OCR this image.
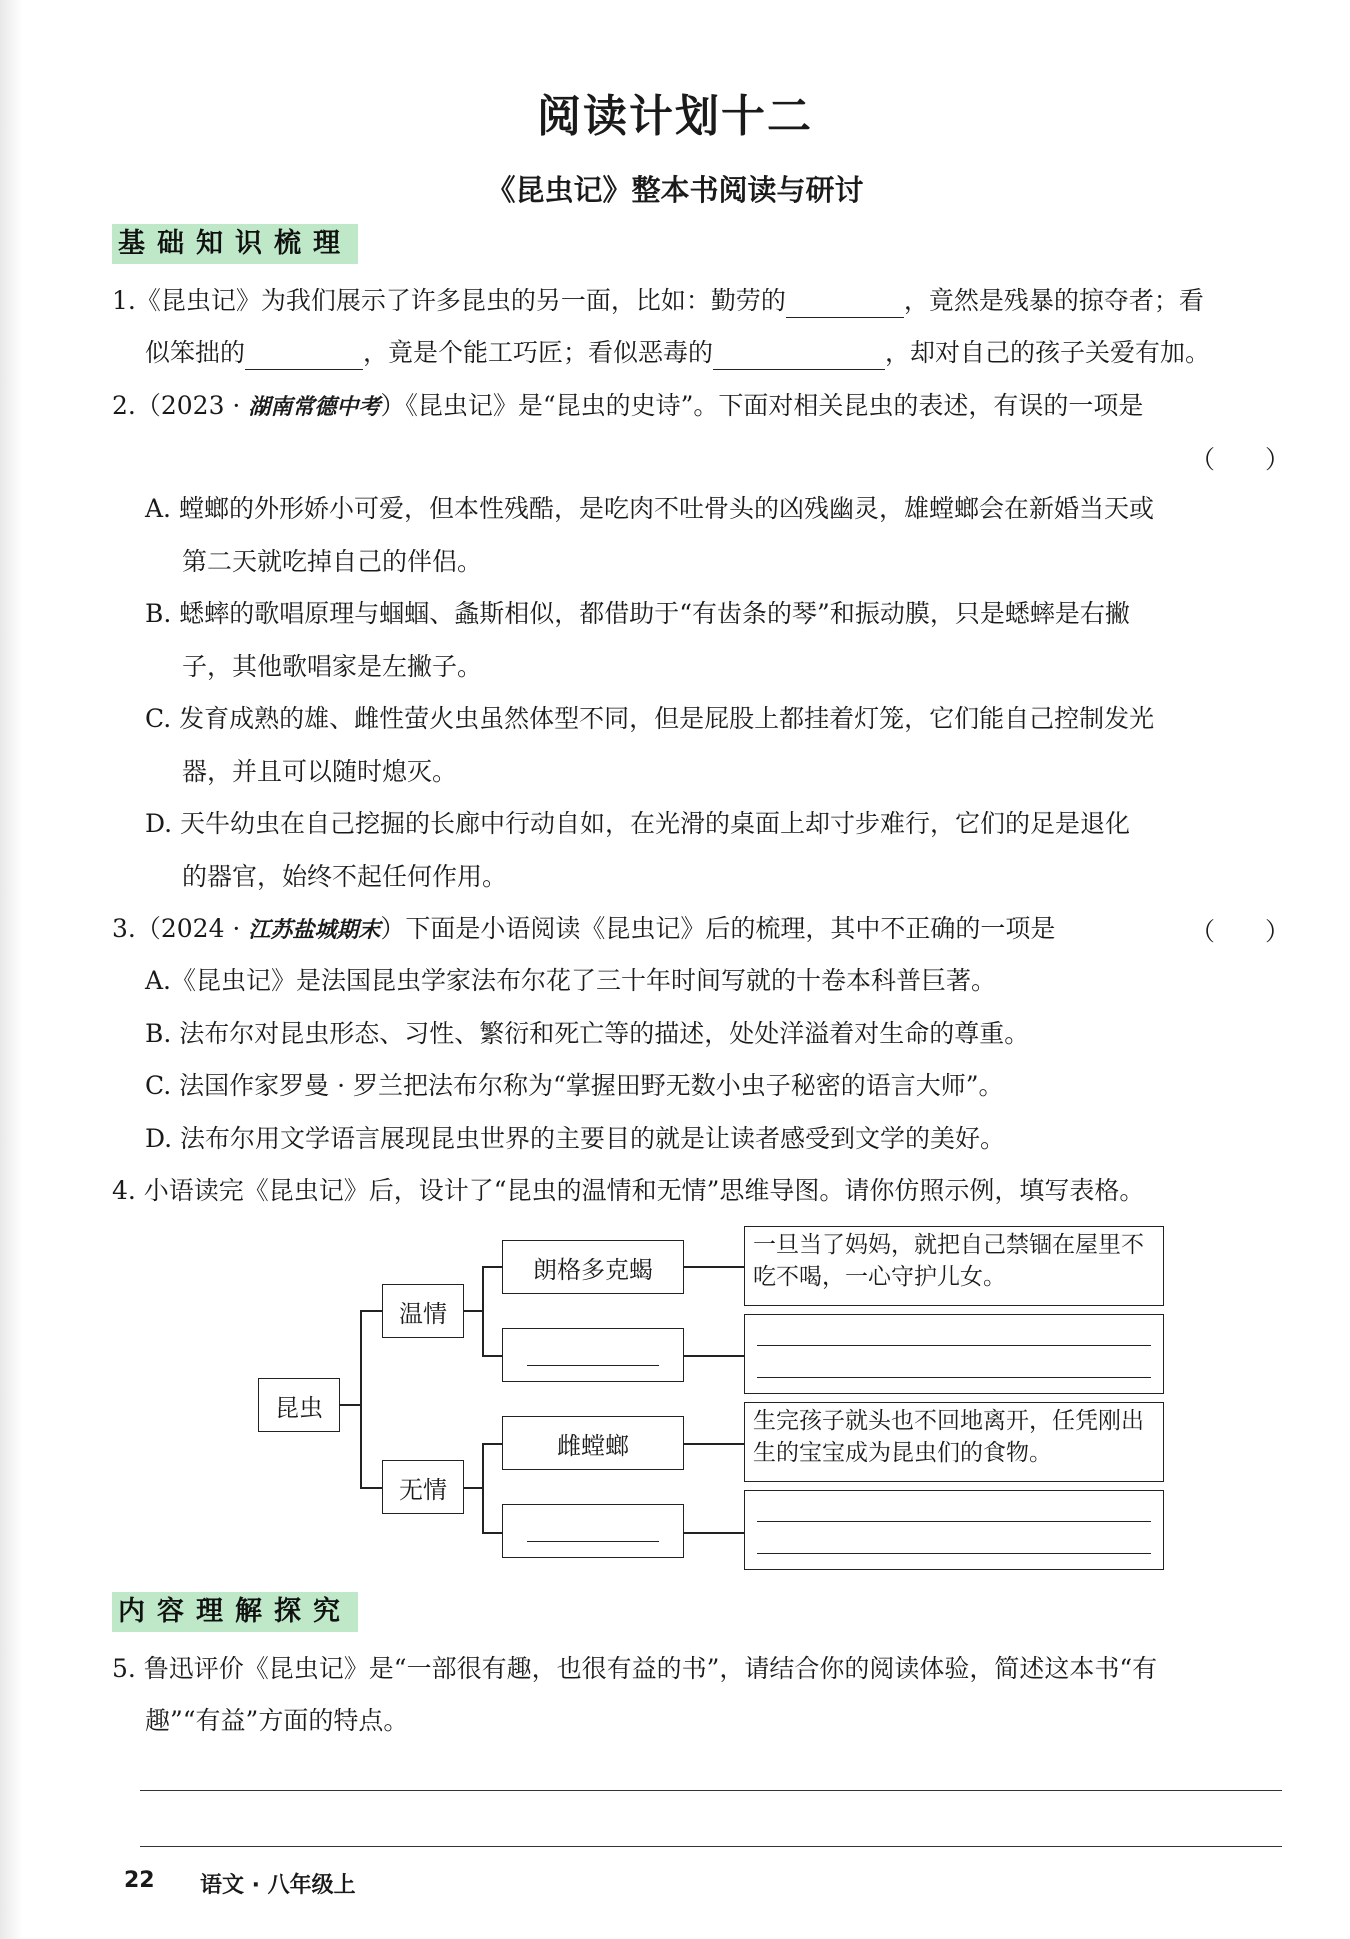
阅读计划十二
《昆虫记》整本书阅读与研讨
基础知识梳理
1.《昆虫记》为我们展示了许多昆虫的另一面，比如：勤劳的	，竟然是残暴的掠夺者；看
似笨拙的	，竟是个能工巧匠；看似恶毒的	，却对自己的孩子关爱有加。
2.（2023 · 湖南常德中考）《昆虫记》是“昆虫的史诗”。下面对相关昆虫的表述，有误的一项是
（　　）
A. 螳螂的外形娇小可爱，但本性残酷，是吃肉不吐骨头的凶残幽灵，雄螳螂会在新婚当天或
第二天就吃掉自己的伴侣。
B. 蟋蟀的歌唱原理与蝈蝈、螽斯相似，都借助于“有齿条的琴”和振动膜，只是蟋蟀是右撇
子，其他歌唱家是左撇子。
C. 发育成熟的雄、雌性萤火虫虽然体型不同，但是屁股上都挂着灯笼，它们能自己控制发光
器，并且可以随时熄灭。
D. 天牛幼虫在自己挖掘的长廊中行动自如，在光滑的桌面上却寸步难行，它们的足是退化
的器官，始终不起任何作用。
3.（2024 · 江苏盐城期末）下面是小语阅读《昆虫记》后的梳理，其中不正确的一项是	（　　）
A.《昆虫记》是法国昆虫学家法布尔花了三十年时间写就的十卷本科普巨著。
B. 法布尔对昆虫形态、习性、繁衍和死亡等的描述，处处洋溢着对生命的尊重。
C. 法国作家罗曼 · 罗兰把法布尔称为“掌握田野无数小虫子秘密的语言大师”。
D. 法布尔用文学语言展现昆虫世界的主要目的就是让读者感受到文学的美好。
4. 小语读完《昆虫记》后，设计了“昆虫的温情和无情”思维导图。请你仿照示例，填写表格。
昆虫
温情
无情
朗格多克蝎
雌螳螂
一旦当了妈妈，就把自己禁锢在屋里不吃不喝，一心守护儿女。
生完孩子就头也不回地离开，任凭刚出生的宝宝成为昆虫们的食物。
内容理解探究
5. 鲁迅评价《昆虫记》是“一部很有趣，也很有益的书”，请结合你的阅读体验，简述这本书“有
趣”“有益”方面的特点。
22 语文 · 八年级上
